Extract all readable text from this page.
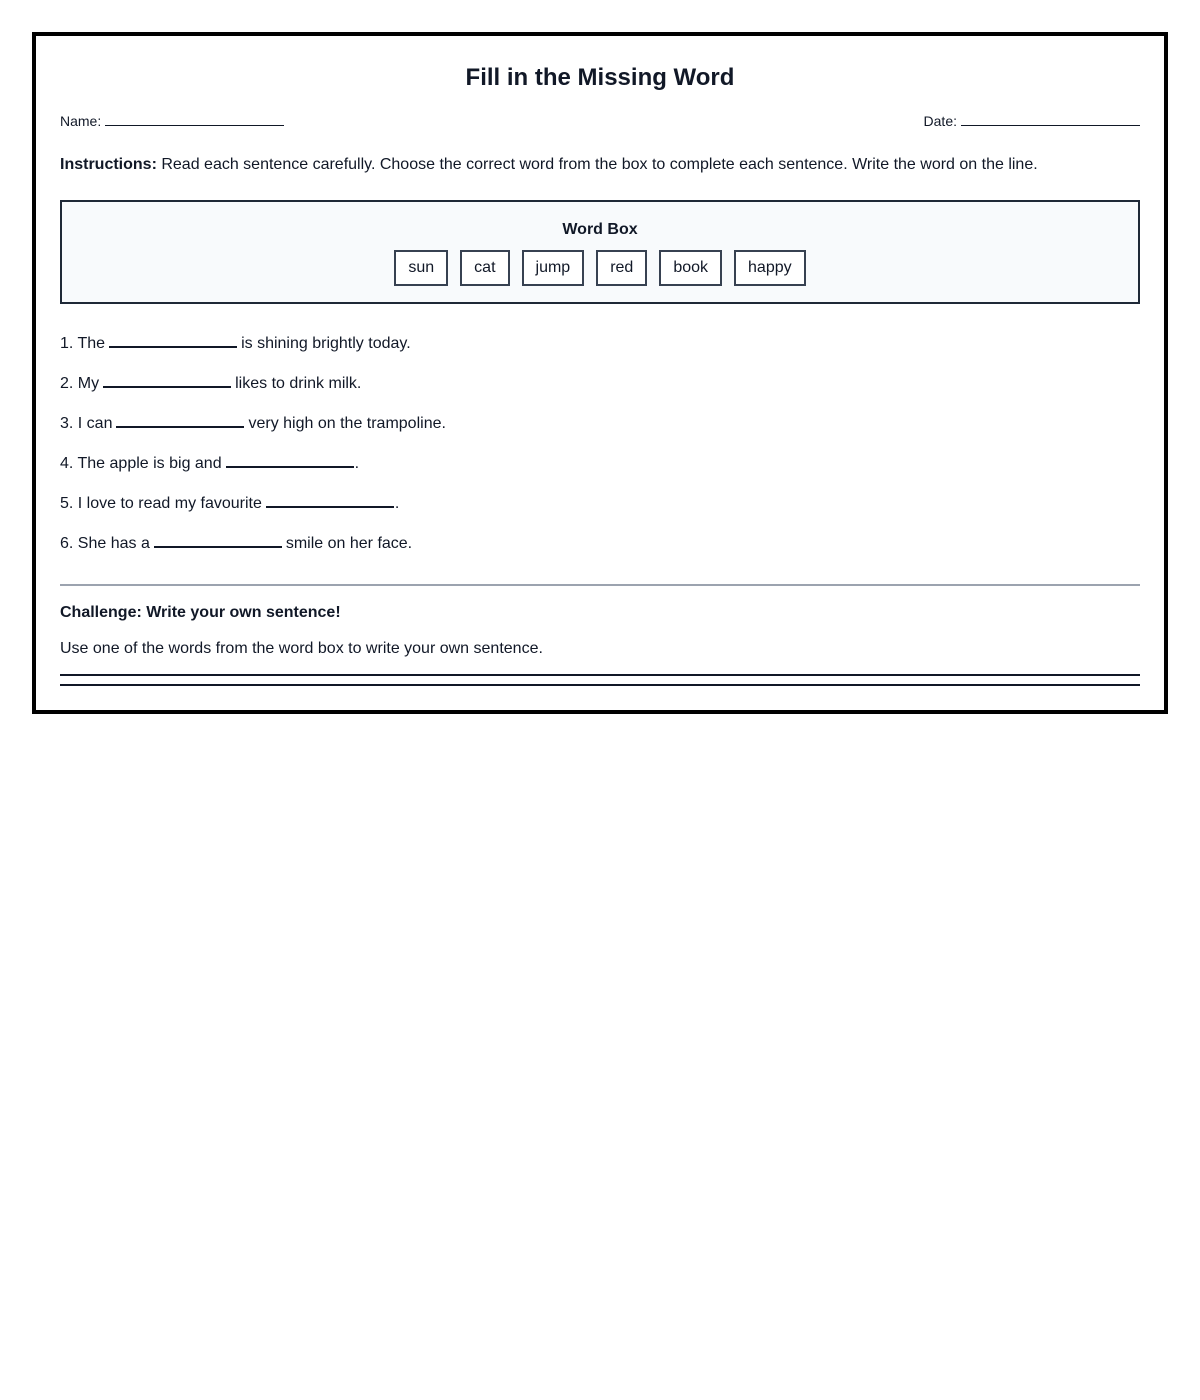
Fill in the Missing Word
Name:	Date:
Instructions: Read each sentence carefully. Choose the correct word from the box to complete each sentence. Write the word on the line.
Word Box
sun	cat	jump	red	book	happy
1. The	is shining brightly today.
2. My	likes to drink milk.
3. I can	very high on the trampoline.
4. The apple is big and	.
5. I love to read my favourite	.
6. She has a	smile on her face.
Challenge: Write your own sentence!
Use one of the words from the word box to write your own sentence.
